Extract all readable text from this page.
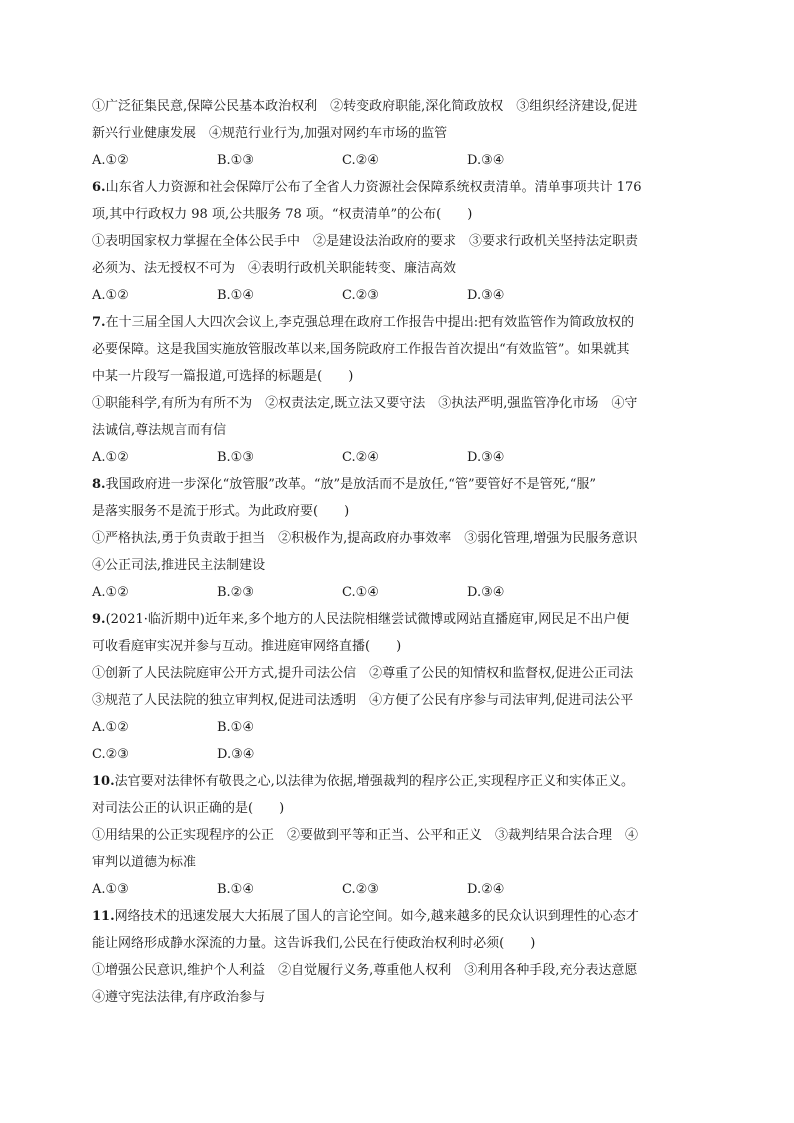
①广泛征集民意,保障公民基本政治权利　②转变政府职能,深化简政放权　③组织经济建设,促进
新兴行业健康发展　④规范行业行为,加强对网约车市场的监管
A.①②	B.①③	C.②④	D.③④
6.山东省人力资源和社会保障厅公布了全省人力资源社会保障系统权责清单。清单事项共计 176
项,其中行政权力 98 项,公共服务 78 项。“权责清单”的公布(　　)
①表明国家权力掌握在全体公民手中　②是建设法治政府的要求　③要求行政机关坚持法定职责
必须为、法无授权不可为　④表明行政机关职能转变、廉洁高效
A.①②	B.①④	C.②③	D.③④
7.在十三届全国人大四次会议上,李克强总理在政府工作报告中提出:把有效监管作为简政放权的
必要保障。这是我国实施放管服改革以来,国务院政府工作报告首次提出“有效监管”。如果就其
中某一片段写一篇报道,可选择的标题是(　　)
①职能科学,有所为有所不为　②权责法定,既立法又要守法　③执法严明,强监管净化市场　④守
法诚信,尊法规言而有信
A.①②	B.①③	C.②④	D.③④
8.我国政府进一步深化“放管服”改革。“放”是放活而不是放任,“管”要管好不是管死,“服”
是落实服务不是流于形式。为此政府要(　　)
①严格执法,勇于负责敢于担当　②积极作为,提高政府办事效率　③弱化管理,增强为民服务意识
④公正司法,推进民主法制建设
A.①②	B.②③	C.①④	D.③④
9.(2021·临沂期中)近年来,多个地方的人民法院相继尝试微博或网站直播庭审,网民足不出户便
可收看庭审实况并参与互动。推进庭审网络直播(　　)
①创新了人民法院庭审公开方式,提升司法公信　②尊重了公民的知情权和监督权,促进公正司法
③规范了人民法院的独立审判权,促进司法透明　④方便了公民有序参与司法审判,促进司法公平
A.①②	B.①④
C.②③	D.③④
10.法官要对法律怀有敬畏之心,以法律为依据,增强裁判的程序公正,实现程序正义和实体正义。
对司法公正的认识正确的是(　　)
①用结果的公正实现程序的公正　②要做到平等和正当、公平和正义　③裁判结果合法合理　④
审判以道德为标准
A.①③	B.①④	C.②③	D.②④
11.网络技术的迅速发展大大拓展了国人的言论空间。如今,越来越多的民众认识到理性的心态才
能让网络形成静水深流的力量。这告诉我们,公民在行使政治权利时必须(　　)
①增强公民意识,维护个人利益　②自觉履行义务,尊重他人权利　③利用各种手段,充分表达意愿
④遵守宪法法律,有序政治参与
